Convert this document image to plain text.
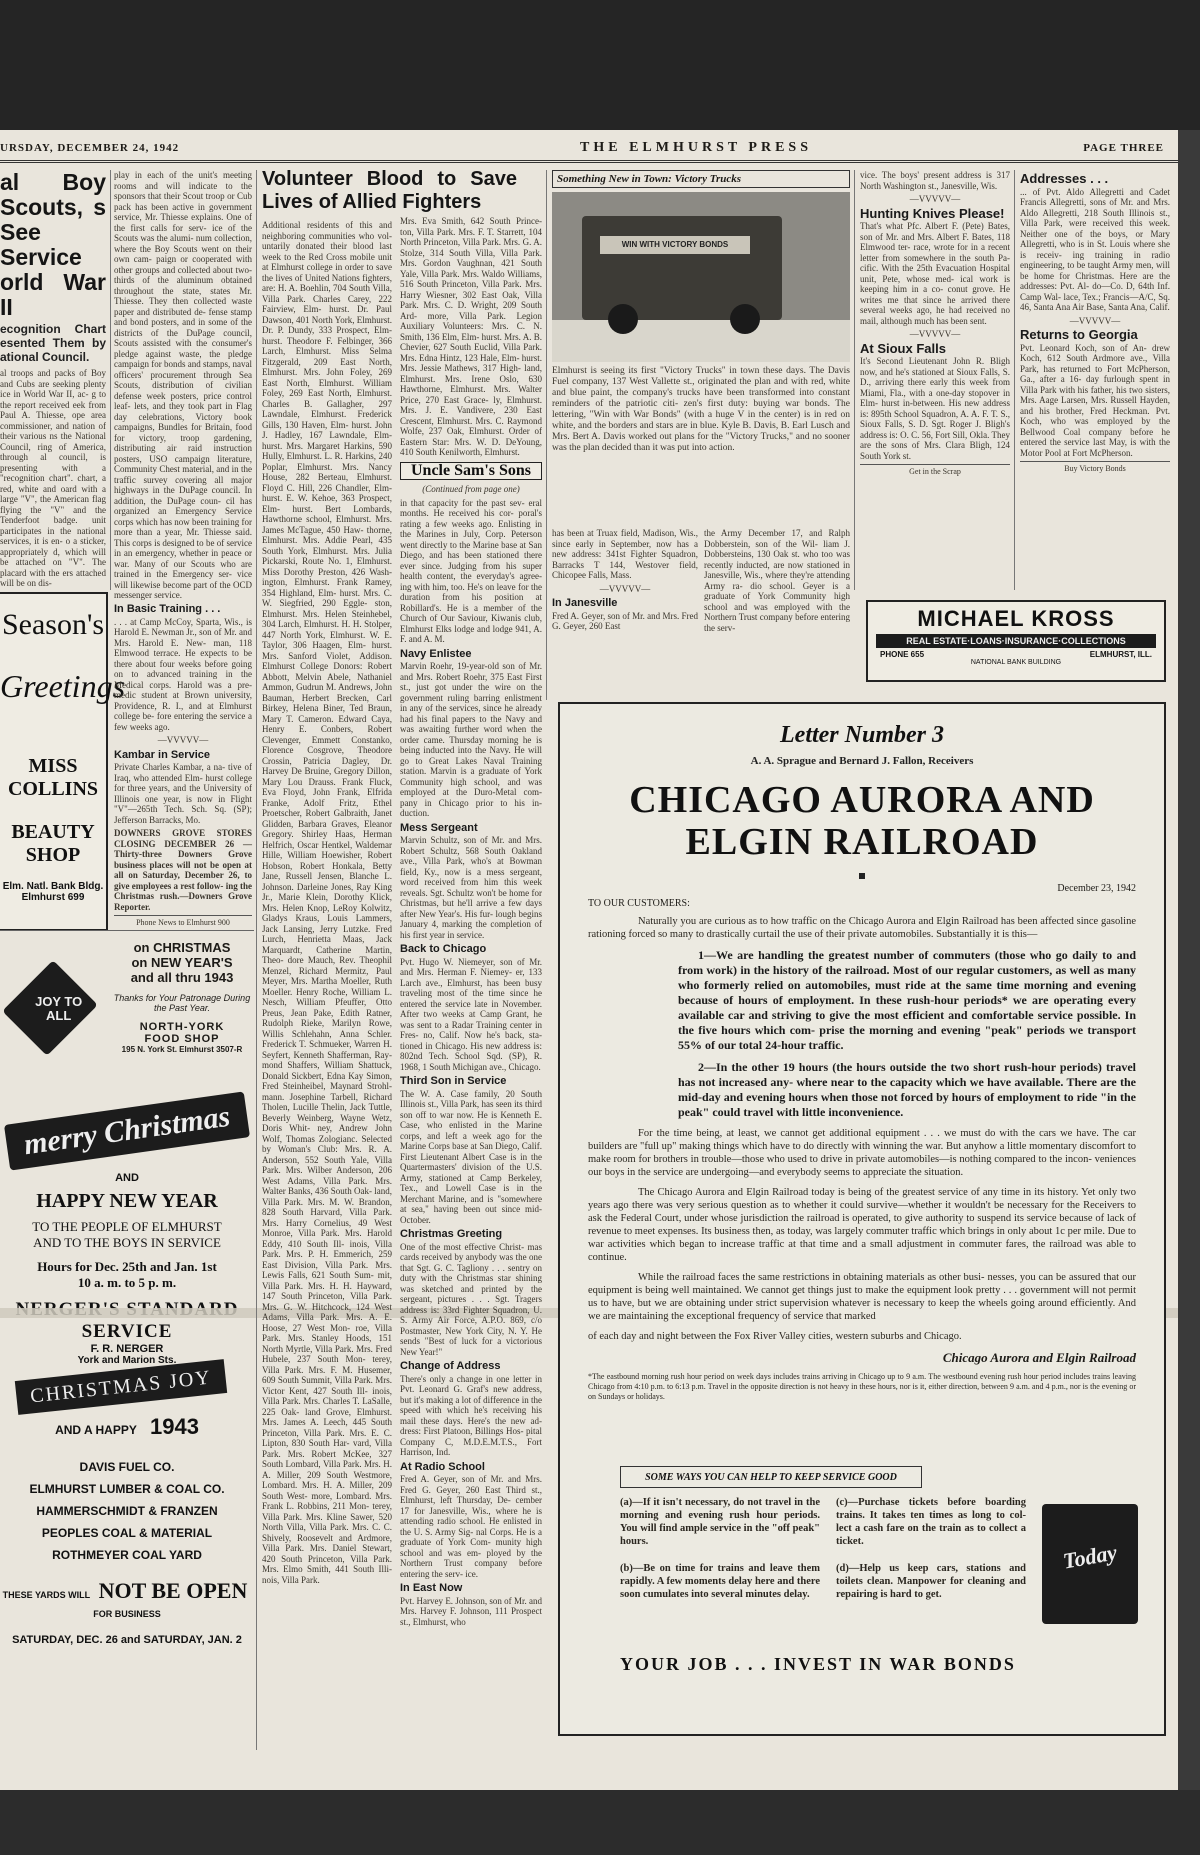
URSDAY, DECEMBER 24, 1942	THE ELMHURST PRESS	PAGE THREE
al Boy Scouts, s See Service orld War II
ecognition Chart esented Them by ational Council.

al troops and packs of Boy and Cubs are seeking plenty ice in World War II, ac- g to the report received eek from Paul A. Thiesse, ope area commissioner, and nation of their various ns the National Council, ring of America, through al council, is presenting with a "recognition chart". chart, a red, white and oard with a large "V", the American flag flying the "V" and the Tenderfoot badge. unit participates in the national services, it is en- o a sticker, appropriately d, which will be attached on "V". The placard with the ers attached will be on dis-

play in each of the unit's meeting rooms and will indicate to the sponsors that their Scout troop or Cub pack has been active in government service, Mr. Thiesse explains. One of the first calls for serv- ice of the Scouts was the alumi- num collection, where the Boy Scouts went on their own cam- paign or cooperated with other groups and collected about two- thirds of the aluminum obtained throughout the state, states Mr. Thiesse. They then collected waste paper and distributed de- fense stamp and bond posters, and in some of the districts of the DuPage council, Scouts assisted with the consumer's pledge against waste, the pledge campaign for bonds and stamps, naval officers' procurement through Sea Scouts, distribution of civilian defense week posters, price control leaf- lets, and they took part in Flag day celebrations, Victory book campaigns, Bundles for Britain, food for victory, troop gardening, distributing air raid instruction posters, USO campaign literature, Community Chest material, and in the traffic survey covering all major highways in the DuPage council. In addition, the DuPage coun- cil has organized an Emergency Service corps which has now been training for more than a year, Mr. Thiesse said. This corps is designed to be of service in an emergency, whether in peace or war. Many of our Scouts who are trained in the Emergency ser- vice will likewise become part of the OCD messenger service.

Season's
Greetings
MISS COLLINS
BEAUTY SHOP
Elm. Natl. Bank Bldg.
Elmhurst 699
In Basic Training . . .

. . . at Camp McCoy, Sparta, Wis., is Harold E. Newman Jr., son of Mr. and Mrs. Harold E. New- man, 118 Elmwood terrace. He expects to be there about four weeks before going on to advanced training in the Medical corps. Harold was a pre-medic student at Brown university, Providence, R. I., and at Elmhurst college be- fore entering the service a few weeks ago.

—VVVVV—

Kambar in Service

Private Charles Kambar, a na- tive of Iraq, who attended Elm- hurst college for three years, and the University of Illinois one year, is now in Flight "V"—265th Tech. Sch. Sq. (SP); Jefferson Barracks, Mo.

DOWNERS GROVE STORES CLOSING DECEMBER 26 — Thirty-three Downers Grove business places will not be open at all on Saturday, December 26, to give employees a rest follow- ing the Christmas rush.—Downers Grove Reporter.

Phone News to Elmhurst 900

JOY TO ALL
on CHRISTMAS
on NEW YEAR'S
and all thru 1943
Thanks for Your Patronage During the Past Year.
NORTH-YORK
FOOD SHOP
195 N. York St. Elmhurst 3507-R
merry Christmas
AND
HAPPY NEW YEAR
TO THE PEOPLE OF ELMHURST
AND TO THE BOYS IN SERVICE
Hours for Dec. 25th and Jan. 1st
10 a. m. to 5 p. m.
SERVICE
F. R. NERGER
York and Marion Sts.
CHRISTMAS JOY
AND A HAPPY 1943
DAVIS FUEL CO.
ELMHURST LUMBER & COAL CO.
HAMMERSCHMIDT & FRANZEN
PEOPLES COAL & MATERIAL
ROTHMEYER COAL YARD
THESE YARDS WILL NOT BE OPEN FOR BUSINESS
SATURDAY, DEC. 26 and SATURDAY, JAN. 2
Volunteer Blood to Save Lives of Allied Fighters

Additional residents of this and neighboring communities who vol- untarily donated their blood last week to the Red Cross mobile unit at Elmhurst college in order to save the lives of United Nations fighters, are: H. A. Boehlin, 704 South Villa, Villa Park. Charles Carey, 222 Fairview, Elm- hurst. Dr. Paul Dawson, 401 North York, Elmhurst. Dr. P. Dundy, 333 Prospect, Elm- hurst. Theodore F. Felbinger, 366 Larch, Elmhurst. Miss Selma Fitzgerald, 209 East North, Elmhurst. Mrs. John Foley, 269 East North, Elmhurst. William Foley, 269 East North, Elmhurst. Charles B. Gallagher, 297 Lawndale, Elmhurst. Frederick Gills, 130 Haven, Elm- hurst. John J. Hadley, 167 Lawndale, Elm- hurst. Mrs. Margaret Harkins, 590 Hully, Elmhurst. L. R. Harkins, 240 Poplar, Elmhurst. Mrs. Nancy House, 282 Berteau, Elmhurst. Floyd C. Hill, 226 Chandler, Elm- hurst. E. W. Kehoe, 363 Prospect, Elm- hurst. Bert Lombards, Hawthorne school, Elmhurst. Mrs. James McTague, 450 Haw- thorne, Elmhurst. Mrs. Addie Pearl, 435 South York, Elmhurst. Mrs. Julia Pickarski, Route No. 1, Elmhurst. Miss Dorothy Preston, 426 Wash- ington, Elmhurst. Frank Ramey, 354 Highland, Elm- hurst. Mrs. C. W. Siegfried, 290 Eggle- ston, Elmhurst. Mrs. Helen Steinhebel, 304 Larch, Elmhurst. H. H. Stolper, 447 North York, Elmhurst. W. E. Taylor, 306 Haagen, Elm- hurst. Mrs. Sanford Violet, Addison. Elmhurst College Donors: Robert Abbott, Melvin Abele, Nathaniel Ammon, Gudrun M. Andrews, John Bauman, Herbert Brecken, Carl Birkey, Helena Biner, Ted Braun, Mary T. Cameron. Edward Caya, Henry E. Conbers, Robert Clevenger, Emmett Constanko, Florence Cosgrove, Theodore Crossin, Patricia Dagley, Dr. Harvey De Bruine, Gregory Dillon, Mary Lou Drauss. Frank Fluck, Eva Floyd, John Frank, Elfrida Franke, Adolf Fritz, Ethel Proetscher, Robert Galbraith, Janet Glidden, Barbara Graves, Eleanor Gregory. Shirley Haas, Herman Helfrich, Oscar Hentkel, Waldemar Hille, William Hoewisher, Robert Hobson, Robert Honkala, Betty Jane, Russell Jensen, Blanche L. Johnson. Darleine Jones, Ray King Jr., Marie Klein, Dorothy Klick, Mrs. Helen Knop, LeRoy Kolwitz, Gladys Kraus, Louis Lammers, Jack Lansing, Jerry Lutzke. Fred Lurch, Henrietta Maas, Jack Marquardt, Catherine Martin, Theo- dore Mauch, Rev. Theophil Menzel, Richard Mermitz, Paul Meyer, Mrs. Martha Moeller, Ruth Moeller. Henry Roche, William L. Nesch, William Pfeuffer, Otto Preus, Jean Pake, Edith Ratner, Rudolph Rieke, Marilyn Rowe, Willis Schlehahn, Anna Schler. Frederick T. Schmueker, Warren H. Seyfert, Kenneth Shafferman, Ray- mond Shaffers, William Shattuck, Donald Sickbert, Edna Kay Simon, Fred Steinheibel, Maynard Strohl- mann. Josephine Tarbell, Richard Tholen, Lucille Thelin, Jack Tuttle, Beverly Weinberg, Wayne Wetz, Doris Whit- ney, Andrew John Wolf, Thomas Zologianc. Selected by Woman's Club: Mrs. R. A. Anderson, 552 South Yale, Villa Park. Mrs. Wilber Anderson, 206 West Adams, Villa Park. Mrs. Walter Banks, 436 South Oak- land, Villa Park. Mrs. M. W. Brandon, 828 South Harvard, Villa Park. Mrs. Harry Cornelius, 49 West Monroe, Villa Park. Mrs. Harold Eddy, 410 South Ill- inois, Villa Park. Mrs. P. H. Emmerich, 259 East Division, Villa Park. Mrs. Lewis Falls, 621 South Sum- mit, Villa Park. Mrs. H. H. Hayward, 147 South Princeton, Villa Park. Mrs. G. W. Hitchcock, 124 West Adams, Villa Park. Mrs. A. E. Hoose, 27 West Mon- roe, Villa Park. Mrs. Stanley Hoods, 151 North Myrtle, Villa Park. Mrs. Fred Hubele, 237 South Mon- terey, Villa Park. Mrs. F. M. Husemer, 609 South Summit, Villa Park. Mrs. Victor Kent, 427 South Ill- inois, Villa Park. Mrs. Charles T. LaSalle, 225 Oak- land Grove, Elmhurst. Mrs. James A. Leech, 445 South Princeton, Villa Park. Mrs. E. C. Lipton, 830 South Har- vard, Villa Park. Mrs. Robert McKee, 327 South Lombard, Villa Park. Mrs. H. A. Miller, 209 South Westmore, Lombard. Mrs. H. A. Miller, 209 South West- more, Lombard. Mrs. Frank L. Robbins, 211 Mon- terey, Villa Park. Mrs. Kline Sawer, 520 North Villa, Villa Park. Mrs. C. C. Shively, Roosevelt and Ardmore, Villa Park. Mrs. Daniel Stewart, 420 South Princeton, Villa Park. Mrs. Elmo Smith, 441 South Illi- nois, Villa Park.

Mrs. Eva Smith, 642 South Prince- ton, Villa Park. Mrs. F. T. Starrett, 104 North Princeton, Villa Park. Mrs. G. A. Stolze, 314 South Villa, Villa Park. Mrs. Gordon Vaughnan, 421 South Yale, Villa Park. Mrs. Waldo Williams, 516 South Princeton, Villa Park. Mrs. Harry Wiesner, 302 East Oak, Villa Park. Mrs. C. D. Wright, 209 South Ard- more, Villa Park. Legion Auxiliary Volunteers: Mrs. C. N. Smith, 136 Elm, Elm- hurst. Mrs. A. B. Chevier, 627 South Euclid, Villa Park. Mrs. Edna Hintz, 123 Hale, Elm- hurst. Mrs. Jessie Mathews, 317 High- land, Elmhurst. Mrs. Irene Oslo, 630 Hawthorne, Elmhurst. Mrs. Walter Price, 270 East Grace- ly, Elmhurst. Mrs. J. E. Vandivere, 230 East Crescent, Elmhurst. Mrs. C. Raymond Wolfe, 237 Oak, Elmhurst. Order of Eastern Star: Mrs. W. D. DeYoung, 410 South Kenilworth, Elmhurst.

Uncle Sam's Sons

(Continued from page one)

in that capacity for the past sev- eral months. He received his cor- poral's rating a few weeks ago. Enlisting in the Marines in July, Corp. Peterson went directly to the Marine base at San Diego, and has been stationed there ever since. Judging from his super health content, the everyday's agree- ing with him, too. He's on leave for the duration from his position at Robillard's. He is a member of the Church of Our Saviour, Kiwanis club, Elmhurst Elks lodge and lodge 941, A. F. and A. M.

Navy Enlistee

Marvin Roehr, 19-year-old son of Mr. and Mrs. Robert Roehr, 375 East First st., just got under the wire on the government ruling barring enlistment in any of the services, since he already had his final papers to the Navy and was awaiting further word when the order came. Thursday morning he is being inducted into the Navy. He will go to Great Lakes Naval Training station. Marvin is a graduate of York Community high school, and was employed at the Duro-Metal com- pany in Chicago prior to his in- duction.

Mess Sergeant

Marvin Schultz, son of Mr. and Mrs. Robert Schultz, 568 South Oakland ave., Villa Park, who's at Bowman field, Ky., now is a mess sergeant, word received from him this week reveals. Sgt. Schultz won't be home for Christmas, but he'll arrive a few days after New Year's. His fur- lough begins January 4, marking the completion of his first year in service.

Back to Chicago

Pvt. Hugo W. Niemeyer, son of Mr. and Mrs. Herman F. Niemey- er, 133 Larch ave., Elmhurst, has been busy traveling most of the time since he entered the service late in November. After two weeks at Camp Grant, he was sent to a Radar Training center in Fres- no, Calif. Now he's back, sta- tioned in Chicago. His new address is: 802nd Tech. School Sqd. (SP), R. 1968, 1 South Michigan ave., Chicago.

Third Son in Service

The W. A. Case family, 20 South Illinois st., Villa Park, has seen its third son off to war now. He is Kenneth E. Case, who enlisted in the Marine corps, and left a week ago for the Marine Corps base at San Diego, Calif. First Lieutenant Albert Case is in the Quartermasters' division of the U.S. Army, stationed at Camp Berkeley, Tex., and Lowell Case is in the Merchant Marine, and is "somewhere at sea," having been out since mid-October.

Christmas Greeting

One of the most effective Christ- mas cards received by anybody was the one that Sgt. G. C. Tagliony . . . sentry on duty with the Christmas star shining was sketched and printed by the sergeant, pictures . . . Sgt. Tragers address is: 33rd Fighter Squadron, U. S. Army Air Force, A.P.O. 869, c/o Postmaster, New York City, N. Y. He sends "Best of luck for a victorious New Year!"

Change of Address

There's only a change in one letter in Pvt. Leonard G. Graf's new address, but it's making a lot of difference in the speed with which he's receiving his mail these days. Here's the new ad- dress: First Platoon, Billings Hos- pital Company C, M.D.E.M.T.S., Fort Harrison, Ind.

At Radio School

Fred A. Geyer, son of Mr. and Mrs. Fred G. Geyer, 260 East Third st., Elmhurst, left Thursday, De- cember 17 for Janesville, Wis., where he is attending radio school. He enlisted in the U. S. Army Sig- nal Corps. He is a graduate of York Com- munity high school and was em- ployed by the Northern Trust company before entering the serv- ice.

In East Now

Pvt. Harvey E. Johnson, son of Mr. and Mrs. Harvey F. Johnson, 111 Prospect st., Elmhurst, who

Something New in Town: Victory Trucks
WIN WITH VICTORY BONDS

Elmhurst is seeing its first "Victory Trucks" in town these days. The Davis Fuel company, 137 West Vallette st., originated the plan and with red, white and blue paint, the company's trucks have been transformed into constant reminders of the patriotic citi- zen's first duty: buying war bonds. The lettering, "Win with War Bonds" (with a huge V in the center) is in red on white, and the borders and stars are in blue. Kyle B. Davis, B. Earl Lusch and Mrs. Bert A. Davis worked out plans for the "Victory Trucks," and no sooner was the plan decided than it was put into action.

has been at Truax field, Madison, Wis., since early in September, now has a new address: 341st Fighter Squadron, Barracks T 144, Westover field, Chicopee Falls, Mass.

—VVVVV—

In Janesville

Fred A. Geyer, son of Mr. and Mrs. Fred G. Geyer, 260 East

the Army December 17, and Ralph Dobberstein, son of the Wil- liam J. Dobbersteins, 130 Oak st. who too was recently inducted, are now stationed in Janesville, Wis., where they're attending Army ra- dio school. Geyer is a graduate of York Community high school and was employed with the Northern Trust company before entering the serv-

vice. The boys' present address is 317 North Washington st., Janesville, Wis.

—VVVVV—

Hunting Knives Please!

That's what Pfc. Albert F. (Pete) Bates, son of Mr. and Mrs. Albert F. Bates, 118 Elmwood ter- race, wrote for in a recent letter from somewhere in the south Pa- cific. With the 25th Evacuation Hospital unit, Pete, whose med- ical work is keeping him in a co- conut grove. He writes me that since he arrived there several weeks ago, he had received no mail, although much has been sent.

—VVVVV—

At Sioux Falls

It's Second Lieutenant John R. Bligh now, and he's stationed at Sioux Falls, S. D., arriving there early this week from Miami, Fla., with a one-day stopover in Elm- hurst in-between. His new address is: 895th School Squadron, A. A. F. T. S., Sioux Falls, S. D. Sgt. Roger J. Bligh's address is: O. C. 56, Fort Sill, Okla. They are the sons of Mrs. Clara Bligh, 124 South York st.

Get in the Scrap

Addresses . . .

... of Pvt. Aldo Allegretti and Cadet Francis Allegretti, sons of Mr. and Mrs. Aldo Allegretti, 218 South Illinois st., Villa Park, were received this week. Neither one of the boys, or Mary Allegretti, who is in St. Louis where she is receiv- ing training in radio engineering, to be taught Army men, will be home for Christmas. Here are the addresses: Pvt. Al- do—Co. D, 64th Inf. Camp Wal- lace, Tex.; Francis—A/C, Sq. 46, Santa Ana Air Base, Santa Ana, Calif.

—VVVVV—

Returns to Georgia

Pvt. Leonard Koch, son of An- drew Koch, 612 South Ardmore ave., Villa Park, has returned to Fort McPherson, Ga., after a 16- day furlough spent in Villa Park with his father, his two sisters, Mrs. Aage Larsen, Mrs. Russell Hayden, and his brother, Fred Heckman. Pvt. Koch, who was employed by the Bellwood Coal company before he entered the service last May, is with the Motor Pool at Fort McPherson.

Buy Victory Bonds

MICHAEL KROSS
REAL ESTATE·LOANS·INSURANCE·COLLECTIONS
PHONE 655	ELMHURST, ILL.
NATIONAL BANK BUILDING
Letter Number 3
A. A. Sprague and Bernard J. Fallon, Receivers
CHICAGO AURORA AND ELGIN RAILROAD
December 23, 1942
TO OUR CUSTOMERS:

Naturally you are curious as to how traffic on the Chicago Aurora and Elgin Railroad has been affected since gasoline rationing forced so many to drastically curtail the use of their private automobiles. Substantially it is this—

1—We are handling the greatest number of commuters (those who go daily to and from work) in the history of the railroad. Most of our regular customers, as well as many who formerly relied on automobiles, must ride at the same time morning and evening because of hours of employment. In these rush-hour periods* we are operating every available car and striving to give the most efficient and comfortable service possible. In the five hours which com- prise the morning and evening "peak" periods we transport 55% of our total 24-hour traffic.

2—In the other 19 hours (the hours outside the two short rush-hour periods) travel has not increased any- where near to the capacity which we have available. There are the mid-day and evening hours when those not forced by hours of employment to ride "in the peak" could travel with little inconvenience.

For the time being, at least, we cannot get additional equipment . . . we must do with the cars we have. The car builders are "full up" making things which have to do directly with winning the war. But anyhow a little momentary discomfort to make room for brothers in trouble—those who used to drive in private automobiles—is nothing compared to the incon- veniences our boys in the service are undergoing—and everybody seems to appreciate the situation.

The Chicago Aurora and Elgin Railroad today is being of the greatest service of any time in its history. Yet only two years ago there was very serious question as to whether it could survive—whether it wouldn't be necessary for the Receivers to ask the Federal Court, under whose jurisdiction the railroad is operated, to give authority to suspend its service because of lack of revenue to meet expenses. Its business then, as today, was largely commuter traffic which brings in only about 1c per mile. Due to war activities which began to increase traffic at that time and a small adjustment in commuter fares, the railroad was able to continue.

While the railroad faces the same restrictions in obtaining materials as other busi- nesses, you can be assured that our equipment is being well maintained. We cannot get things just to make the equipment look pretty . . . government will not permit us to have, but we are obtaining under strict supervision whatever is necessary to keep the wheels going around efficiently. And we are maintaining the exceptional frequency of service that marked

of each day and night between the Fox River Valley cities, western suburbs and Chicago.

Chicago Aurora and Elgin Railroad

*The eastbound morning rush hour period on week days includes trains arriving in Chicago up to 9 a.m. The westbound evening rush hour period includes trains leaving Chicago from 4:10 p.m. to 6:13 p.m. Travel in the opposite direction is not heavy in these hours, nor is it, either direction, between 9 a.m. and 4 p.m., nor is the evening or on Sundays or holidays.

SOME WAYS YOU CAN HELP TO KEEP SERVICE GOOD

(a)—If it isn't necessary, do not travel in the morning and evening rush hour periods. You will find ample service in the "off peak" hours.

(b)—Be on time for trains and leave them rapidly. A few moments delay here and there soon cumulates into several minutes delay.

(c)—Purchase tickets before boarding trains. It takes ten times as long to col- lect a cash fare on the train as to collect a ticket.

(d)—Help us keep cars, stations and toilets clean. Manpower for cleaning and repairing is hard to get.

Today
YOUR JOB . . . INVEST IN WAR BONDS
